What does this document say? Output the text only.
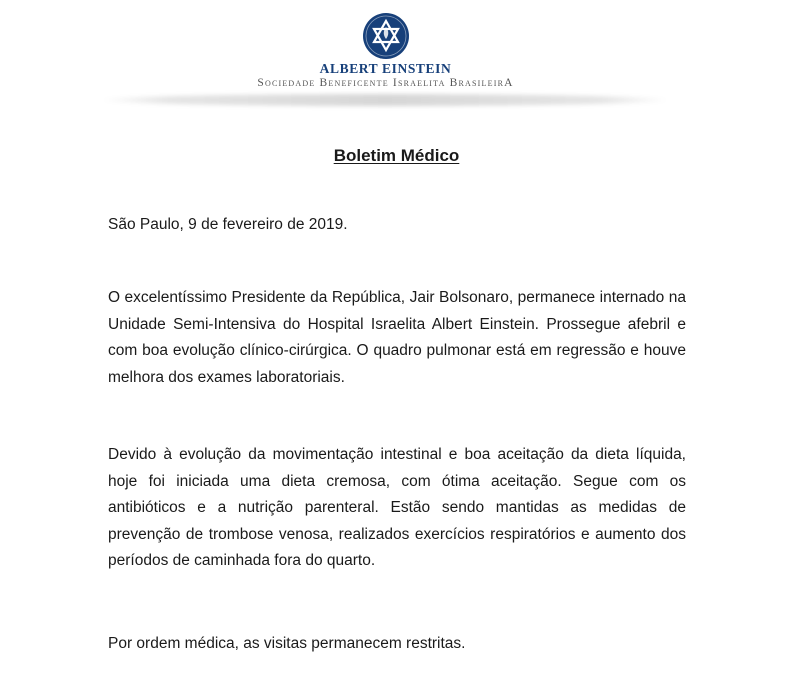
ALBERT EINSTEIN
Sociedade Beneficente Israelita BrasileirA
Boletim Médico
São Paulo, 9 de fevereiro de 2019.

O excelentíssimo Presidente da República, Jair Bolsonaro, permanece internado na Unidade Semi-Intensiva do Hospital Israelita Albert Einstein. Prossegue afebril e com boa evolução clínico-cirúrgica. O quadro pulmonar está em regressão e houve melhora dos exames laboratoriais.

Devido à evolução da movimentação intestinal e boa aceitação da dieta líquida, hoje foi iniciada uma dieta cremosa, com ótima aceitação. Segue com os antibióticos e a nutrição parenteral. Estão sendo mantidas as medidas de prevenção de trombose venosa, realizados exercícios respiratórios e aumento dos períodos de caminhada fora do quarto.

Por ordem médica, as visitas permanecem restritas.
